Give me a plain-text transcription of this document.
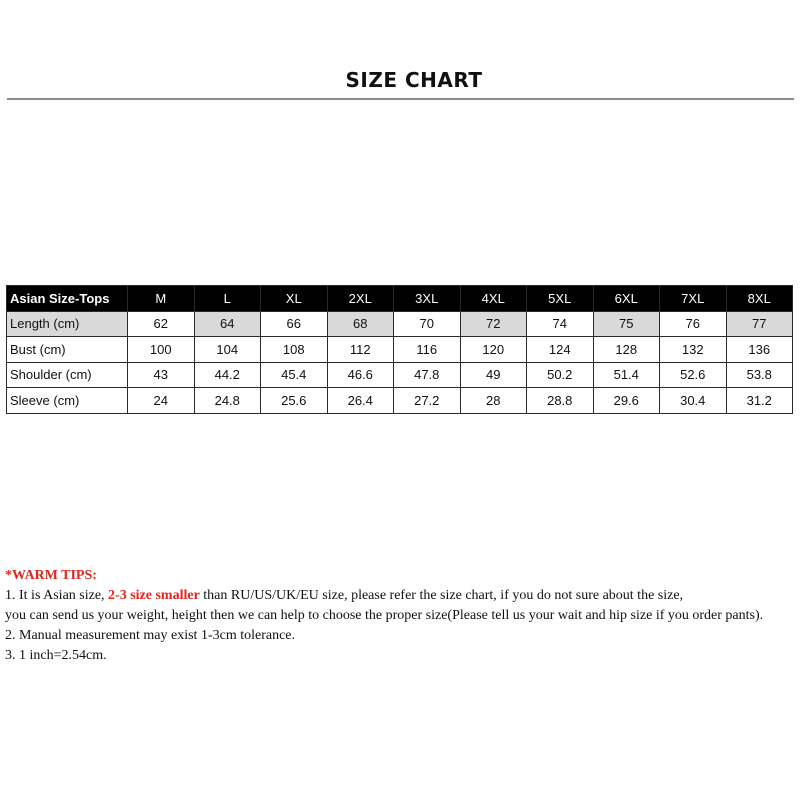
SIZE CHART
Asian Size-Tops	M	L	XL	2XL	3XL	4XL	5XL	6XL	7XL	8XL
Length (cm)	62	64	66	68	70	72	74	75	76	77
Bust (cm)	100	104	108	112	116	120	124	128	132	136
Shoulder (cm)	43	44.2	45.4	46.6	47.8	49	50.2	51.4	52.6	53.8
Sleeve (cm)	24	24.8	25.6	26.4	27.2	28	28.8	29.6	30.4	31.2

*WARM TIPS:

1. It is Asian size, 2-3 size smaller than RU/US/UK/EU size, please refer the size chart, if you do not sure about the size,

you can send us your weight, height then we can help to choose the proper size(Please tell us your wait and hip size if you order pants).

2. Manual measurement may exist 1-3cm tolerance.

3. 1 inch=2.54cm.
